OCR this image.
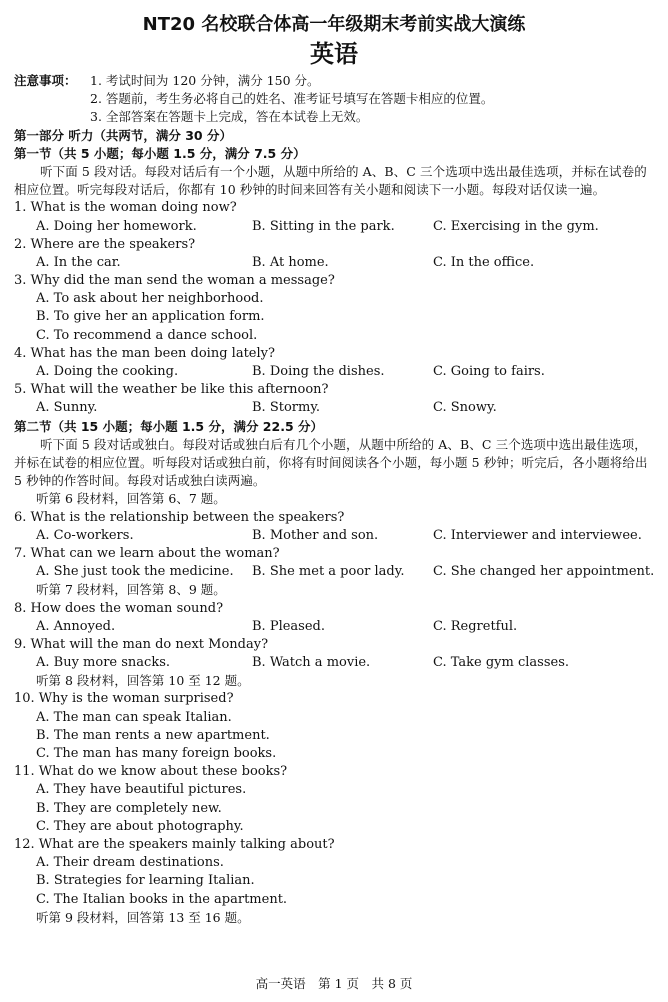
NT20 名校联合体高一年级期末考前实战大演练
英语
注意事项：	1. 考试时间为 120 分钟，满分 150 分。
2. 答题前，考生务必将自己的姓名、准考证号填写在答题卡相应的位置。
3. 全部答案在答题卡上完成，答在本试卷上无效。
第一部分 听力（共两节，满分 30 分）
第一节（共 5 小题；每小题 1.5 分，满分 7.5 分）
听下面 5 段对话。每段对话后有一个小题，从题中所给的 A、B、C 三个选项中选出最佳选项，并标在试卷的相应位置。听完每段对话后，你都有 10 秒钟的时间来回答有关小题和阅读下一小题。每段对话仅读一遍。
1. What is the woman doing now?
A. Doing her homework.	B. Sitting in the park.	C. Exercising in the gym.
2. Where are the speakers?
A. In the car.	B. At home.	C. In the office.
3. Why did the man send the woman a message?
A. To ask about her neighborhood.
B. To give her an application form.
C. To recommend a dance school.
4. What has the man been doing lately?
A. Doing the cooking.	B. Doing the dishes.	C. Going to fairs.
5. What will the weather be like this afternoon?
A. Sunny.	B. Stormy.	C. Snowy.
第二节（共 15 小题；每小题 1.5 分，满分 22.5 分）
听下面 5 段对话或独白。每段对话或独白后有几个小题，从题中所给的 A、B、C 三个选项中选出最佳选项，并标在试卷的相应位置。听每段对话或独白前，你将有时间阅读各个小题，每小题 5 秒钟；听完后，各小题将给出 5 秒钟的作答时间。每段对话或独白读两遍。
听第 6 段材料，回答第 6、7 题。
6. What is the relationship between the speakers?
A. Co-workers.	B. Mother and son.	C. Interviewer and interviewee.
7. What can we learn about the woman?
A. She just took the medicine.	B. She met a poor lady.	C. She changed her appointment.
听第 7 段材料，回答第 8、9 题。
8. How does the woman sound?
A. Annoyed.	B. Pleased.	C. Regretful.
9. What will the man do next Monday?
A. Buy more snacks.	B. Watch a movie.	C. Take gym classes.
听第 8 段材料，回答第 10 至 12 题。
10. Why is the woman surprised?
A. The man can speak Italian.
B. The man rents a new apartment.
C. The man has many foreign books.
11. What do we know about these books?
A. They have beautiful pictures.
B. They are completely new.
C. They are about photography.
12. What are the speakers mainly talking about?
A. Their dream destinations.
B. Strategies for learning Italian.
C. The Italian books in the apartment.
听第 9 段材料，回答第 13 至 16 题。
高一英语　第 1 页　共 8 页
